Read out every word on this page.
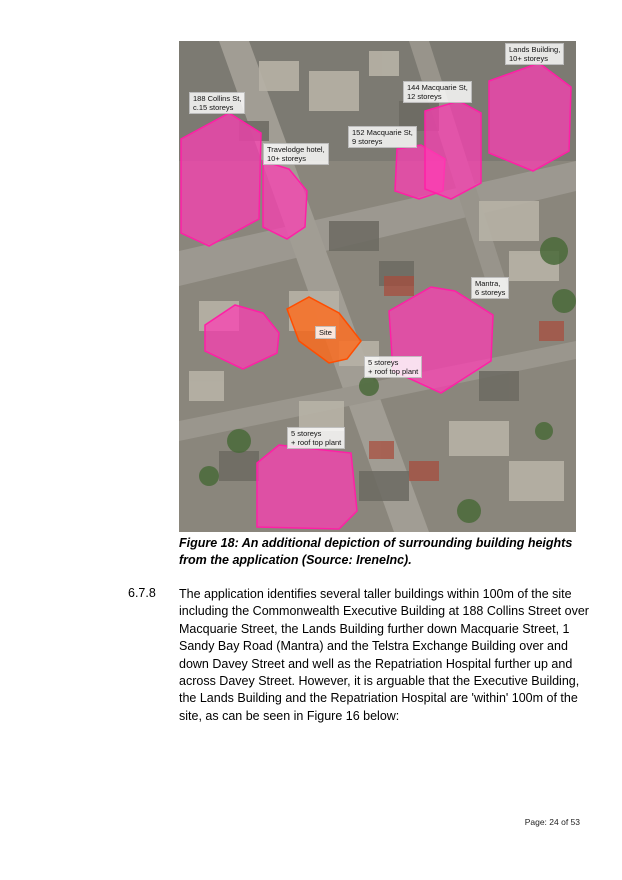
Lands Building,
10+ storeys
144 Macquarie St,
12 storeys
188 Collins St,
c.15 storeys
152 Macquarie St,
9 storeys
Travelodge hotel,
10+ storeys
Mantra,
6 storeys
Site
5 storeys
+ roof top plant
5 storeys
+ roof top plant
Figure 18: An additional depiction of surrounding building heights from the application (Source: IreneInc).
6.7.8 The application identifies several taller buildings within 100m of the site including the Commonwealth Executive Building at 188 Collins Street over Macquarie Street, the Lands Building further down Macquarie Street, 1 Sandy Bay Road (Mantra) and the Telstra Exchange Building over and down Davey Street and well as the Repatriation Hospital further up and across Davey Street. However, it is arguable that the Executive Building, the Lands Building and the Repatriation Hospital are 'within' 100m of the site, as can be seen in Figure 16 below:
Page: 24 of 53
